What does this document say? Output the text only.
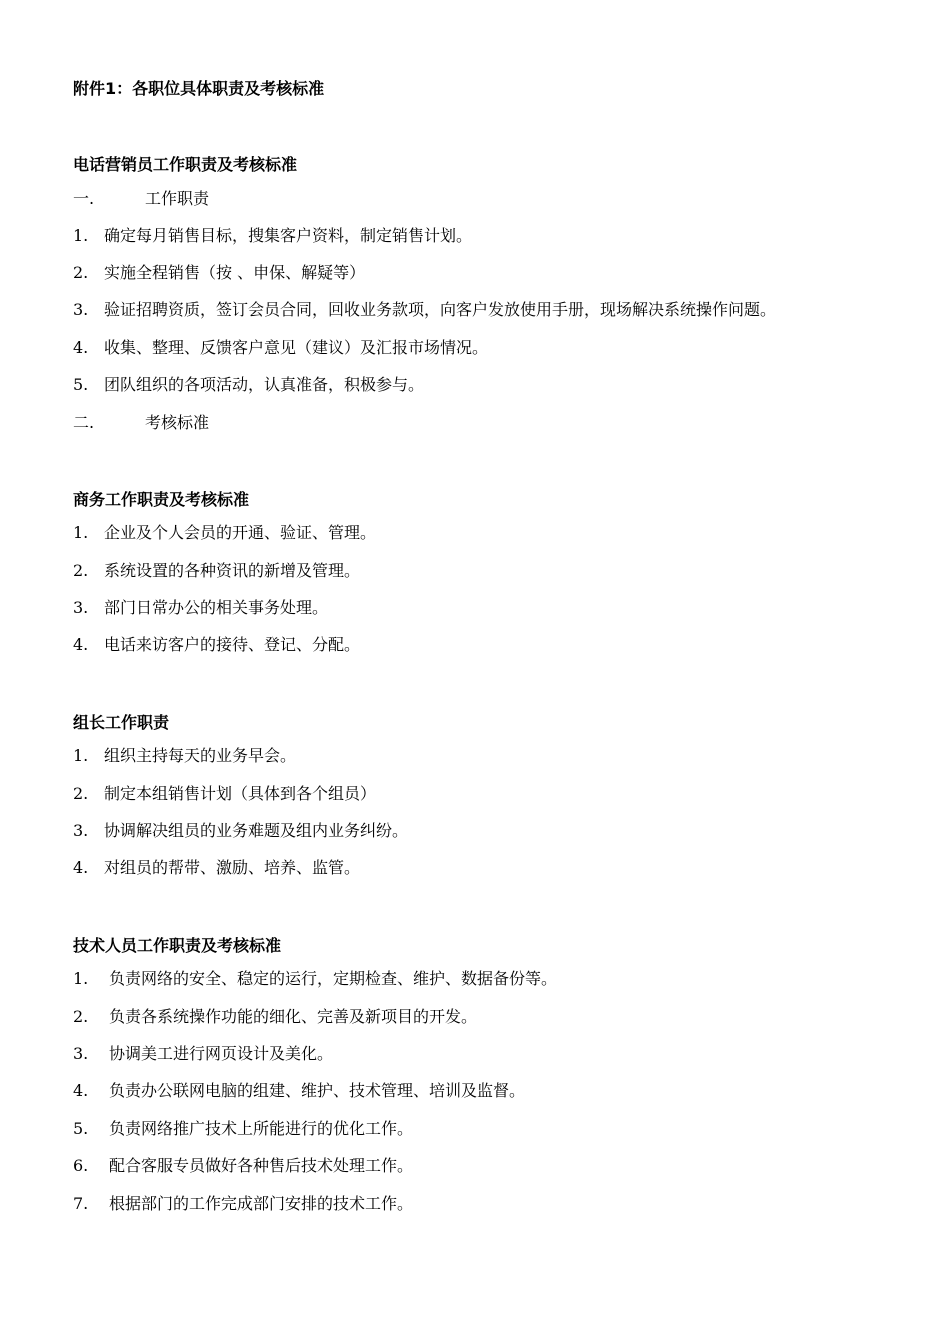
附件1：各职位具体职责及考核标准
电话营销员工作职责及考核标准
一.	工作职责
1. 确定每月销售目标，搜集客户资料，制定销售计划。
2. 实施全程销售（按 、申保、解疑等）
3. 验证招聘资质，签订会员合同，回收业务款项，向客户发放使用手册，现场解决系统操作问题。
4. 收集、整理、反馈客户意见（建议）及汇报市场情况。
5. 团队组织的各项活动，认真准备，积极参与。
二.	考核标准
商务工作职责及考核标准
1. 企业及个人会员的开通、验证、管理。
2. 系统设置的各种资讯的新增及管理。
3. 部门日常办公的相关事务处理。
4. 电话来访客户的接待、登记、分配。
组长工作职责
1. 组织主持每天的业务早会。
2. 制定本组销售计划（具体到各个组员）
3. 协调解决组员的业务难题及组内业务纠纷。
4. 对组员的帮带、激励、培养、监管。
技术人员工作职责及考核标准
1. 负责网络的安全、稳定的运行，定期检查、维护、数据备份等。
2. 负责各系统操作功能的细化、完善及新项目的开发。
3. 协调美工进行网页设计及美化。
4. 负责办公联网电脑的组建、维护、技术管理、培训及监督。
5. 负责网络推广技术上所能进行的优化工作。
6. 配合客服专员做好各种售后技术处理工作。
7. 根据部门的工作完成部门安排的技术工作。
